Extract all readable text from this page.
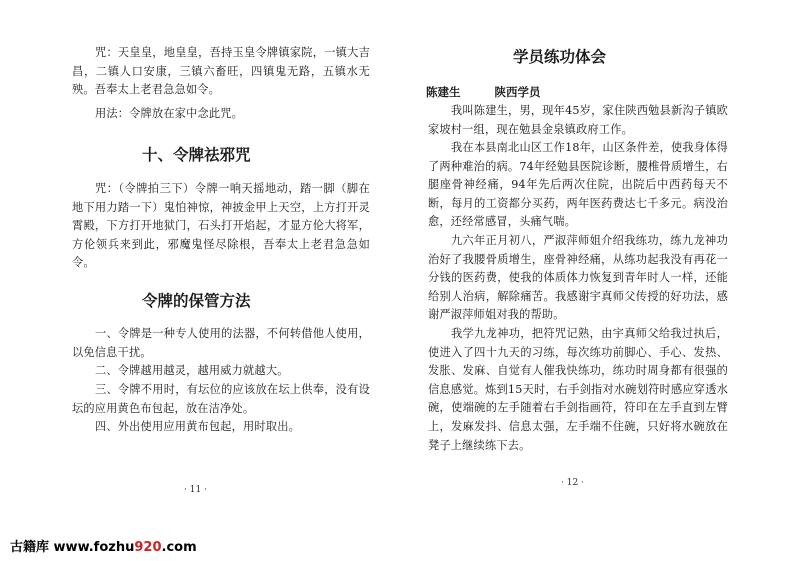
咒：天皇皇，地皇皇，吾持玉皇令牌镇家院，一镇大吉昌，二镇人口安康，三镇六畜旺，四镇鬼无路，五镇水无殃。吾奉太上老君急急如令。

用法：令牌放在家中念此咒。

十、令牌祛邪咒

咒：（令牌拍三下）令牌一响天摇地动，踏一脚（脚在地下用力踏一下）鬼怕神惊，神披金甲上天空，上方打开灵霄殿，下方打开地狱门，石头打开焰起，才显方伦大将军，方伦领兵来到此，邪魔鬼怪尽除根，吾奉太上老君急急如令。

令牌的保管方法

一、令牌是一种专人使用的法器，不何转借他人使用，以免信息干扰。

二、令牌越用越灵，越用威力就越大。

三、令牌不用时，有坛位的应该放在坛上供奉，没有设坛的应用黄色布包起，放在洁净处。

四、外出使用应用黄布包起，用时取出。

· 11 ·
学员练功体会
陈建生	陕西学员

我叫陈建生，男，现年45岁，家住陕西勉县新沟子镇欧家坡村一组，现在勉县金泉镇政府工作。

我在本县南北山区工作18年，山区条件差，使我身体得了两种难治的病。74年经勉县医院诊断，腰椎骨质增生，右腿座骨神经痛，94年先后两次住院，出院后中西药每天不断，每月的工资都分买药，两年医药费达七千多元。病没治愈，还经常感冒，头痛气喘。

九六年正月初八，严淑萍师姐介绍我练功，练九龙神功治好了我腰骨质增生，座骨神经痛，从练功起我没有再花一分钱的医药费，使我的体质体力恢复到青年时人一样，还能给别人治病，解除痛苦。我感谢宇真师父传授的好功法，感谢严淑萍师姐对我的帮助。

我学九龙神功，把符咒记熟，由宇真师父给我过执后，使进入了四十九天的习练，每次练功前脚心、手心、发热、发胀、发麻、自觉有人催我快练功，练功时周身都有很强的信息感觉。炼到15天时，右手剑指对水碗划符时感应穿透水碗，使端碗的左手随着右手剑指画符，符印在左手直到左臂上，发麻发抖、信息太强，左手端不住碗，只好将水碗放在凳子上继续练下去。

· 12 ·
古籍库 www.fozhu920.com
